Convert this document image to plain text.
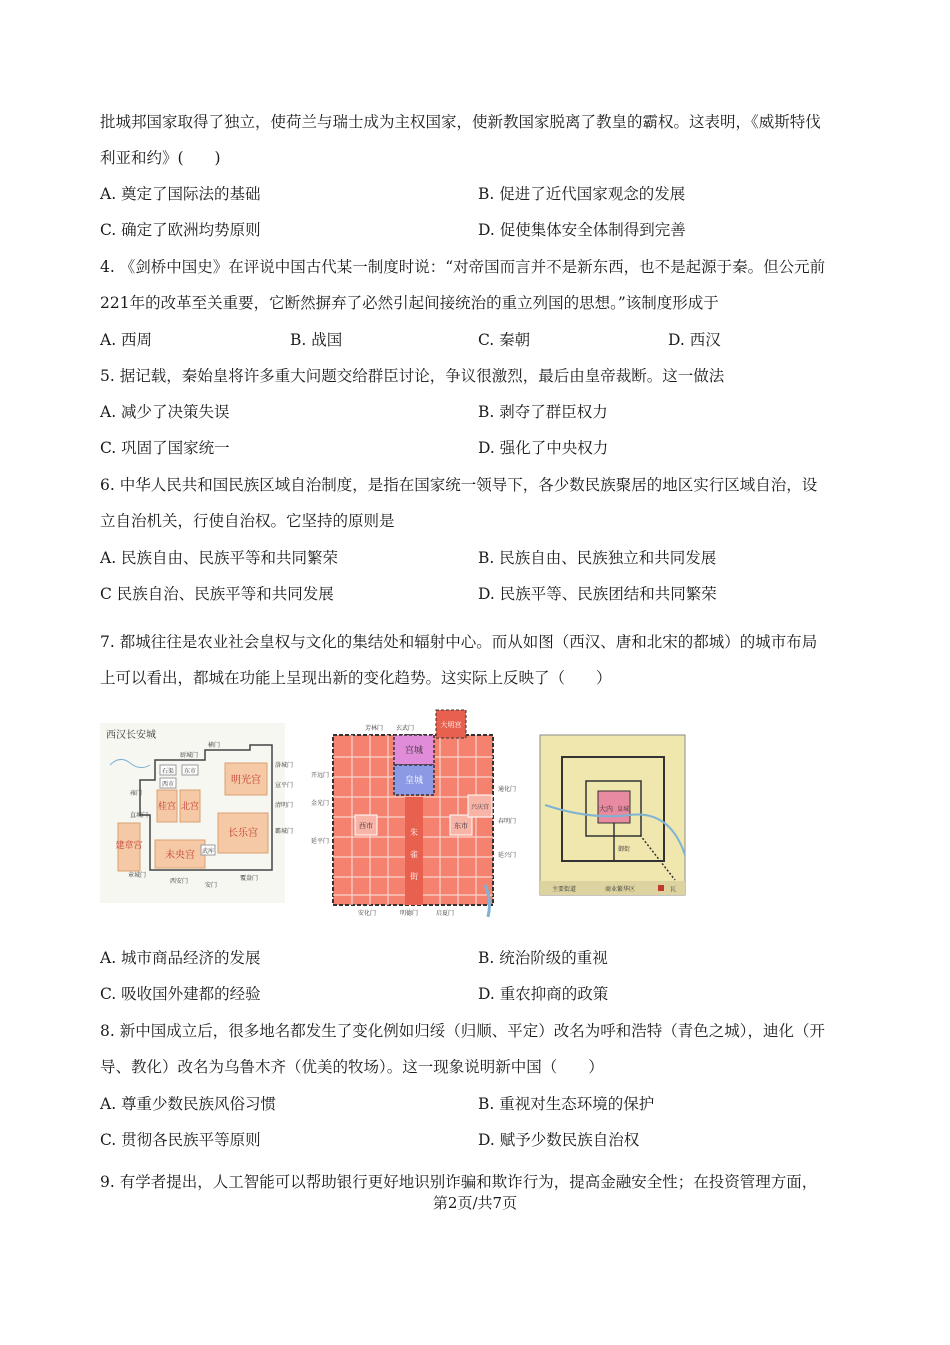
批城邦国家取得了独立，使荷兰与瑞士成为主权国家，使新教国家脱离了教皇的霸权。这表明，《威斯特伐
利亚和约》(　　)
A. 奠定了国际法的基础	B. 促进了近代国家观念的发展
C. 确定了欧洲均势原则	D. 促使集体安全体制得到完善
4. 《剑桥中国史》在评说中国古代某一制度时说：“对帝国而言并不是新东西，也不是起源于秦。但公元前
221年的改革至关重要，它断然摒弃了必然引起间接统治的重立列国的思想。”该制度形成于
A. 西周	B. 战国	C. 秦朝	D. 西汉
5. 据记载，秦始皇将许多重大问题交给群臣讨论，争议很激烈，最后由皇帝裁断。这一做法
A. 减少了决策失误	B. 剥夺了群臣权力
C. 巩固了国家统一	D. 强化了中央权力
6. 中华人民共和国民族区域自治制度，是指在国家统一领导下，各少数民族聚居的地区实行区域自治，设
立自治机关，行使自治权。它坚持的原则是
A. 民族自由、民族平等和共同繁荣	B. 民族自由、民族独立和共同发展
C 民族自治、民族平等和共同发展	D. 民族平等、民族团结和共同繁荣
7. 都城往往是农业社会皇权与文化的集结处和辐射中心。而从如图（西汉、唐和北宋的都城）的城市布局
上可以看出，都城在功能上呈现出新的变化趋势。这实际上反映了（　　）
西汉长安城
明光宫
北宫
桂宫
长乐宫
未央宫
建章宫
石渠 东市
西市
武库
洛城门
宣平门
清明门
霸城门
覆盎门
安门
西安门
章城门
直城门
雍门
横门
厨城门	宫城
皇城
大明宫
西市	东市
朱
雀
街
兴庆宫
开远门
金光门
延平门
通化门
春明门
延兴门
明德门
安化门	启夏门
芳林门 玄武门
大内 皇城
御街
主要街道	商业繁华区	瓦
A. 城市商品经济的发展	B. 统治阶级的重视
C. 吸收国外建都的经验	D. 重农抑商的政策
8. 新中国成立后，很多地名都发生了变化例如归绥（归顺、平定）改名为呼和浩特（青色之城），迪化（开
导、教化）改名为乌鲁木齐（优美的牧场）。这一现象说明新中国（　　）
A. 尊重少数民族风俗习惯	B. 重视对生态环境的保护
C. 贯彻各民族平等原则	D. 赋予少数民族自治权
9. 有学者提出，人工智能可以帮助银行更好地识别诈骗和欺诈行为，提高金融安全性；在投资管理方面，
第2页/共7页
